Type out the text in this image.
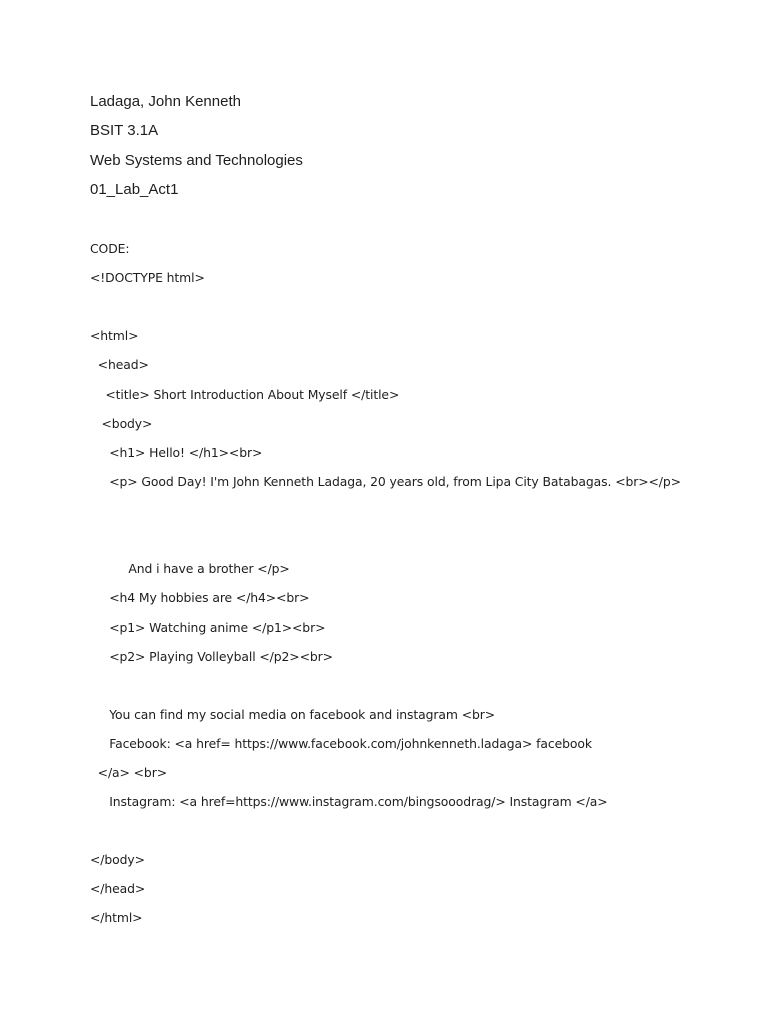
Ladaga, John Kenneth

BSIT 3.1A

Web Systems and Technologies

01_Lab_Act1

CODE:

<!DOCTYPE html>

<html>

<head>

<title> Short Introduction About Myself </title>

<body>

<h1> Hello! </h1><br>

<p> Good Day! I'm John Kenneth Ladaga, 20 years old, from Lipa City Batabagas. <br></p>

And i have a brother </p>

<h4 My hobbies are </h4><br>

<p1> Watching anime </p1><br>

<p2> Playing Volleyball </p2><br>

You can find my social media on facebook and instagram <br>

Facebook: <a href= https://www.facebook.com/johnkenneth.ladaga> facebook

</a> <br>

Instagram: <a href=https://www.instagram.com/bingsooodrag/> Instagram </a>

</body>

</head>

</html>
